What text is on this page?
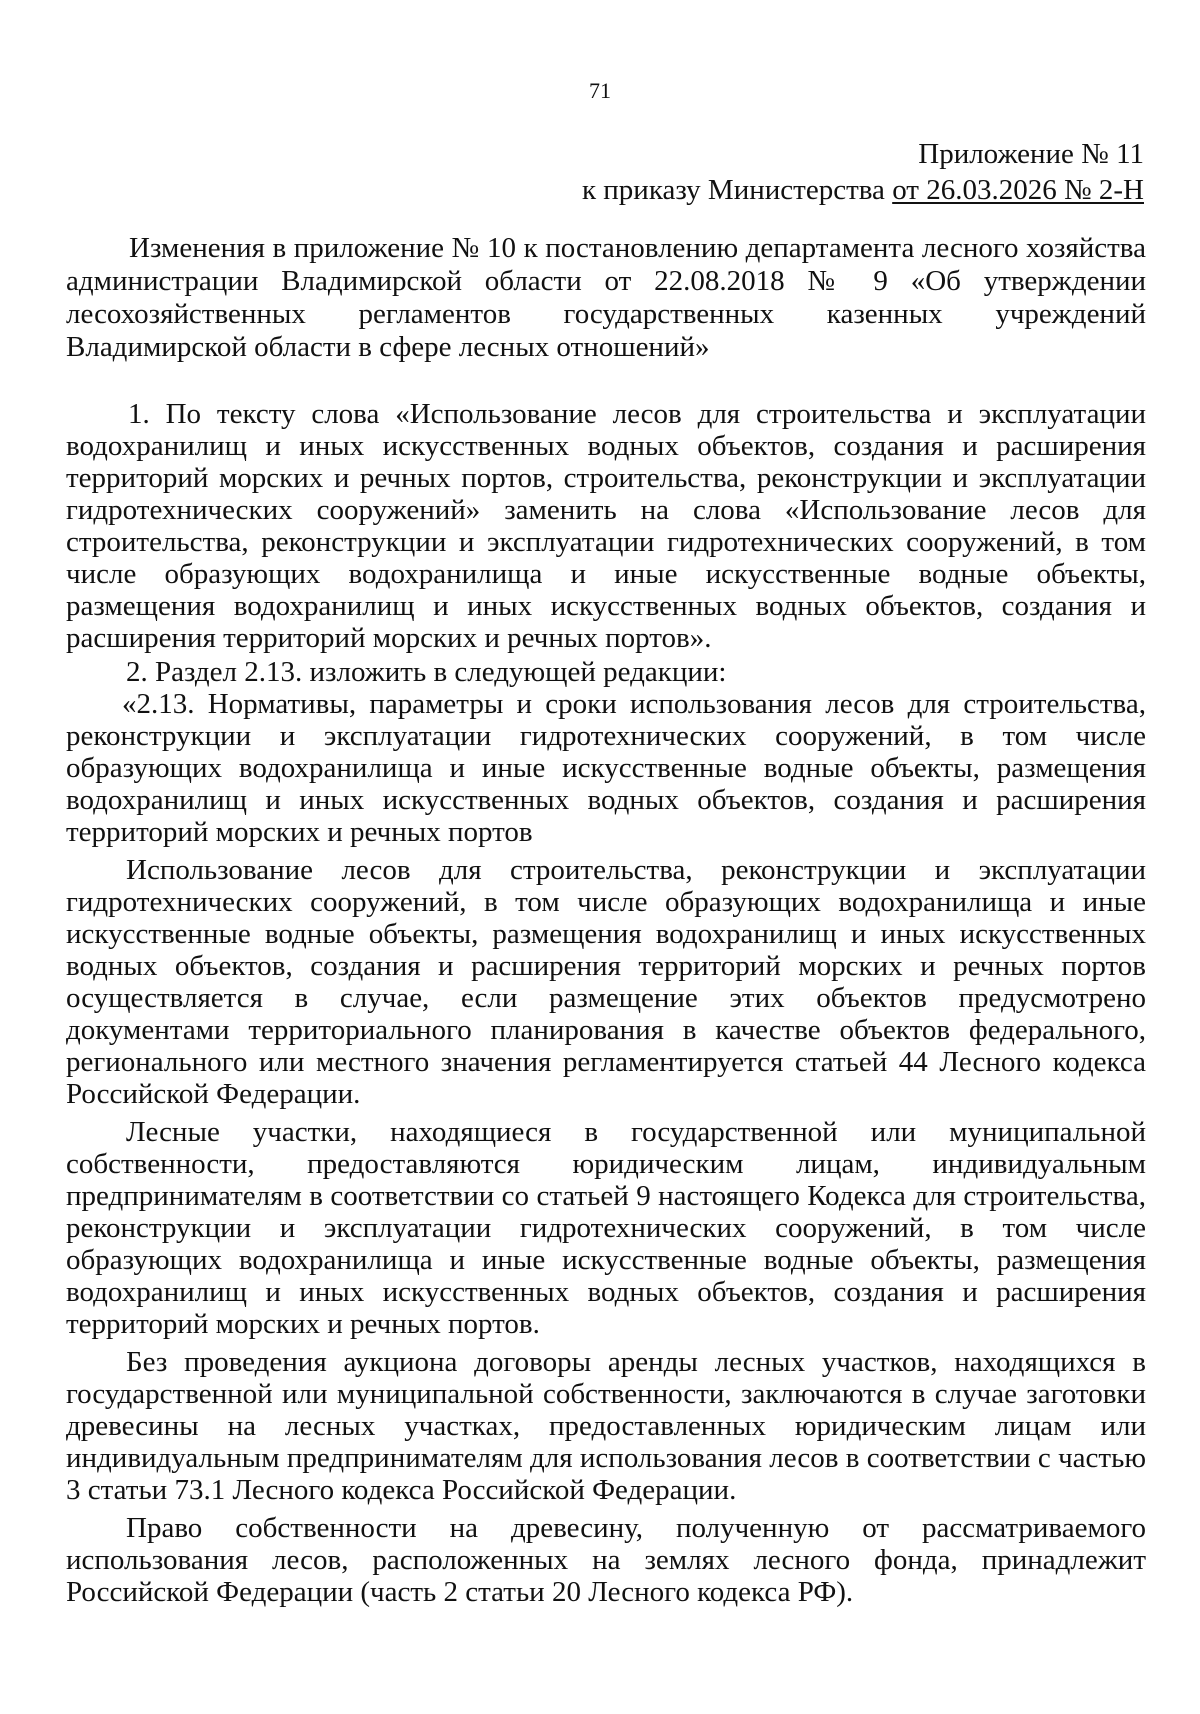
71
Приложение № 11
к приказу Министерства от 26.03.2026 № 2-Н
Изменения в приложение № 10 к постановлению департамента лесного хозяйства администрации Владимирской области от 22.08.2018 № 9 «Об утверждении лесохозяйственных регламентов государственных казенных учреждений Владимирской области в сфере лесных отношений»

1. По тексту слова «Использование лесов для строительства и эксплуатации водохранилищ и иных искусственных водных объектов, создания и расширения территорий морских и речных портов, строительства, реконструкции и эксплуатации гидротехнических сооружений» заменить на слова «Использование лесов для строительства, реконструкции и эксплуатации гидротехнических сооружений, в том числе образующих водохранилища и иные искусственные водные объекты, размещения водохранилищ и иных искусственных водных объектов, создания и расширения территорий морских и речных портов».

2. Раздел 2.13. изложить в следующей редакции:

«2.13. Нормативы, параметры и сроки использования лесов для строительства, реконструкции и эксплуатации гидротехнических сооружений, в том числе образующих водохранилища и иные искусственные водные объекты, размещения водохранилищ и иных искусственных водных объектов, создания и расширения территорий морских и речных портов

Использование лесов для строительства, реконструкции и эксплуатации гидротехнических сооружений, в том числе образующих водохранилища и иные искусственные водные объекты, размещения водохранилищ и иных искусственных водных объектов, создания и расширения территорий морских и речных портов осуществляется в случае, если размещение этих объектов предусмотрено документами территориального планирования в качестве объектов федерального, регионального или местного значения регламентируется статьей 44 Лесного кодекса Российской Федерации.

Лесные участки, находящиеся в государственной или муниципальной собственности, предоставляются юридическим лицам, индивидуальным предпринимателям в соответствии со статьей 9 настоящего Кодекса для строительства, реконструкции и эксплуатации гидротехнических сооружений, в том числе образующих водохранилища и иные искусственные водные объекты, размещения водохранилищ и иных искусственных водных объектов, создания и расширения территорий морских и речных портов.

Без проведения аукциона договоры аренды лесных участков, находящихся в государственной или муниципальной собственности, заключаются в случае заготовки древесины на лесных участках, предоставленных юридическим лицам или индивидуальным предпринимателям для использования лесов в соответствии с частью 3 статьи 73.1 Лесного кодекса Российской Федерации.

Право собственности на древесину, полученную от рассматриваемого использования лесов, расположенных на землях лесного фонда, принадлежит Российской Федерации (часть 2 статьи 20 Лесного кодекса РФ).
